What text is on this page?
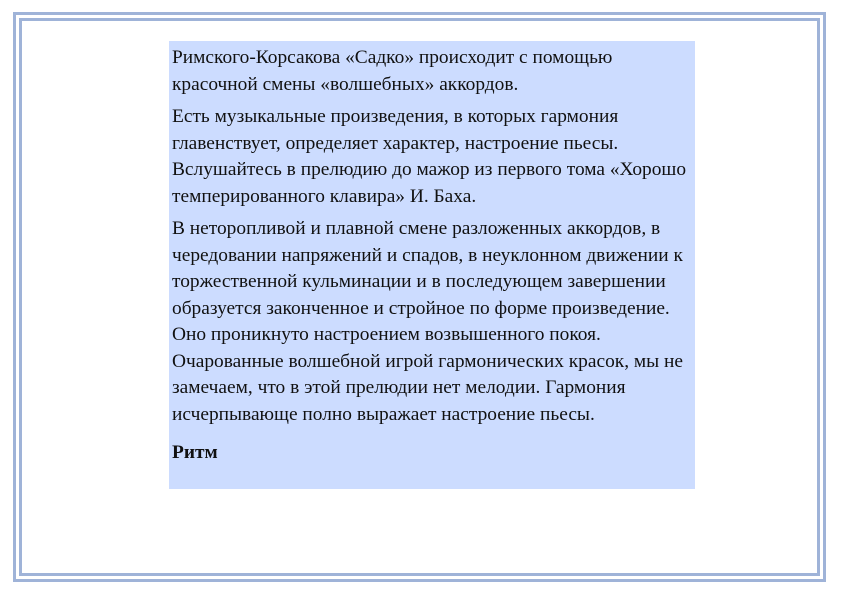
Римского-Корсакова «Садко» происходит с помощью красочной смены «волшебных» аккордов.

Есть музыкальные произведения, в которых гармония главенствует, определяет характер, настроение пьесы. Вслушайтесь в прелюдию до мажор из первого тома «Хорошо темперированного клавира» И. Баха.

В неторопливой и плавной смене разложенных аккордов, в чередовании напряжений и спадов, в неуклонном движении к торжественной кульминации и в последующем завершении образуется законченное и стройное по форме произведение. Оно проникнуто настроением возвышенного покоя. Очарованные волшебной игрой гармонических красок, мы не замечаем, что в этой прелюдии нет мелодии. Гармония исчерпывающе полно выражает настроение пьесы.

Ритм
